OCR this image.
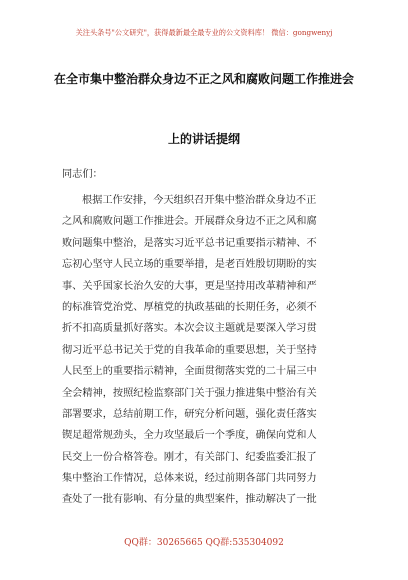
关注头条号"公文研究"，获得最新最全最专业的公文资料库！ 微信：gongwenyj
在全市集中整治群众身边不正之风和腐败问题工作推进会
上的讲话提纲
同志们：
根据工作安排，今天组织召开集中整治群众身边不正
之风和腐败问题工作推进会。开展群众身边不正之风和腐
败问题集中整治，是落实习近平总书记重要指示精神、不
忘初心坚守人民立场的重要举措，是老百姓殷切期盼的实
事、关乎国家长治久安的大事，更是坚持用改革精神和严
的标准管党治党、厚植党的执政基础的长期任务，必须不
折不扣高质量抓好落实。本次会议主题就是要深入学习贯
彻习近平总书记关于党的自我革命的重要思想，关于坚持
人民至上的重要指示精神，全面贯彻落实党的二十届三中
全会精神，按照纪检监察部门关于强力推进集中整治有关
部署要求，总结前期工作，研究分析问题，强化责任落实
锲足超常规劲头，全力攻坚最后一个季度，确保向党和人
民交上一份合格答卷。刚才，有关部门、纪委监委汇报了
集中整治工作情况，总体来说，经过前期各部门共同努力
查处了一批有影响、有分量的典型案件，推动解决了一批
QQ群：30265665 QQ群:535304092
